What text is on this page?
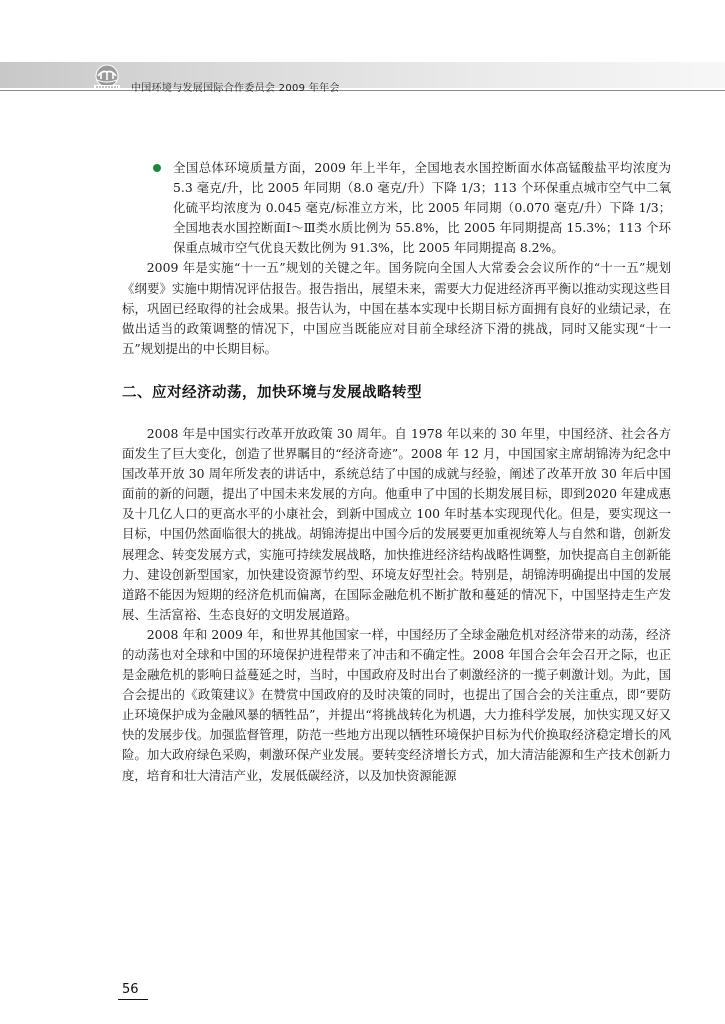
中国环境与发展国际合作委员会 2009 年年会
全国总体环境质量方面，2009 年上半年，全国地表水国控断面水体高锰酸盐平均浓度为 5.3 毫克/升，比 2005 年同期（8.0 毫克/升）下降 1/3；113 个环保重点城市空气中二氧化硫平均浓度为 0.045 毫克/标准立方米，比 2005 年同期（0.070 毫克/升）下降 1/3；全国地表水国控断面Ⅰ～Ⅲ类水质比例为 55.8%，比 2005 年同期提高 15.3%；113 个环保重点城市空气优良天数比例为 91.3%，比 2005 年同期提高 8.2%。

2009 年是实施“十一五”规划的关键之年。国务院向全国人大常委会会议所作的“十一五”规划《纲要》实施中期情况评估报告。报告指出，展望未来，需要大力促进经济再平衡以推动实现这些目标，巩固已经取得的社会成果。报告认为，中国在基本实现中长期目标方面拥有良好的业绩记录，在做出适当的政策调整的情况下，中国应当既能应对目前全球经济下滑的挑战，同时又能实现“十一五”规划提出的中长期目标。

二、应对经济动荡，加快环境与发展战略转型

2008 年是中国实行改革开放政策 30 周年。自 1978 年以来的 30 年里，中国经济、社会各方面发生了巨大变化，创造了世界瞩目的“经济奇迹”。2008 年 12 月，中国国家主席胡锦涛为纪念中国改革开放 30 周年所发表的讲话中，系统总结了中国的成就与经验，阐述了改革开放 30 年后中国面前的新的问题，提出了中国未来发展的方向。他重申了中国的长期发展目标，即到2020 年建成惠及十几亿人口的更高水平的小康社会，到新中国成立 100 年时基本实现现代化。但是，要实现这一目标，中国仍然面临很大的挑战。胡锦涛提出中国今后的发展要更加重视统筹人与自然和谐，创新发展理念、转变发展方式，实施可持续发展战略，加快推进经济结构战略性调整，加快提高自主创新能力、建设创新型国家，加快建设资源节约型、环境友好型社会。特别是，胡锦涛明确提出中国的发展道路不能因为短期的经济危机而偏离，在国际金融危机不断扩散和蔓延的情况下，中国坚持走生产发展、生活富裕、生态良好的文明发展道路。

2008 年和 2009 年，和世界其他国家一样，中国经历了全球金融危机对经济带来的动荡，经济的动荡也对全球和中国的环境保护进程带来了冲击和不确定性。2008 年国合会年会召开之际，也正是金融危机的影响日益蔓延之时，当时，中国政府及时出台了刺激经济的一揽子刺激计划。为此，国合会提出的《政策建议》在赞赏中国政府的及时决策的同时，也提出了国合会的关注重点，即“要防止环境保护成为金融风暴的牺牲品”，并提出“将挑战转化为机遇，大力推科学发展，加快实现又好又快的发展步伐。加强监督管理，防范一些地方出现以牺牲环境保护目标为代价换取经济稳定增长的风险。加大政府绿色采购，刺激环保产业发展。要转变经济增长方式，加大清洁能源和生产技术创新力度，培育和壮大清洁产业，发展低碳经济，以及加快资源能源

56
